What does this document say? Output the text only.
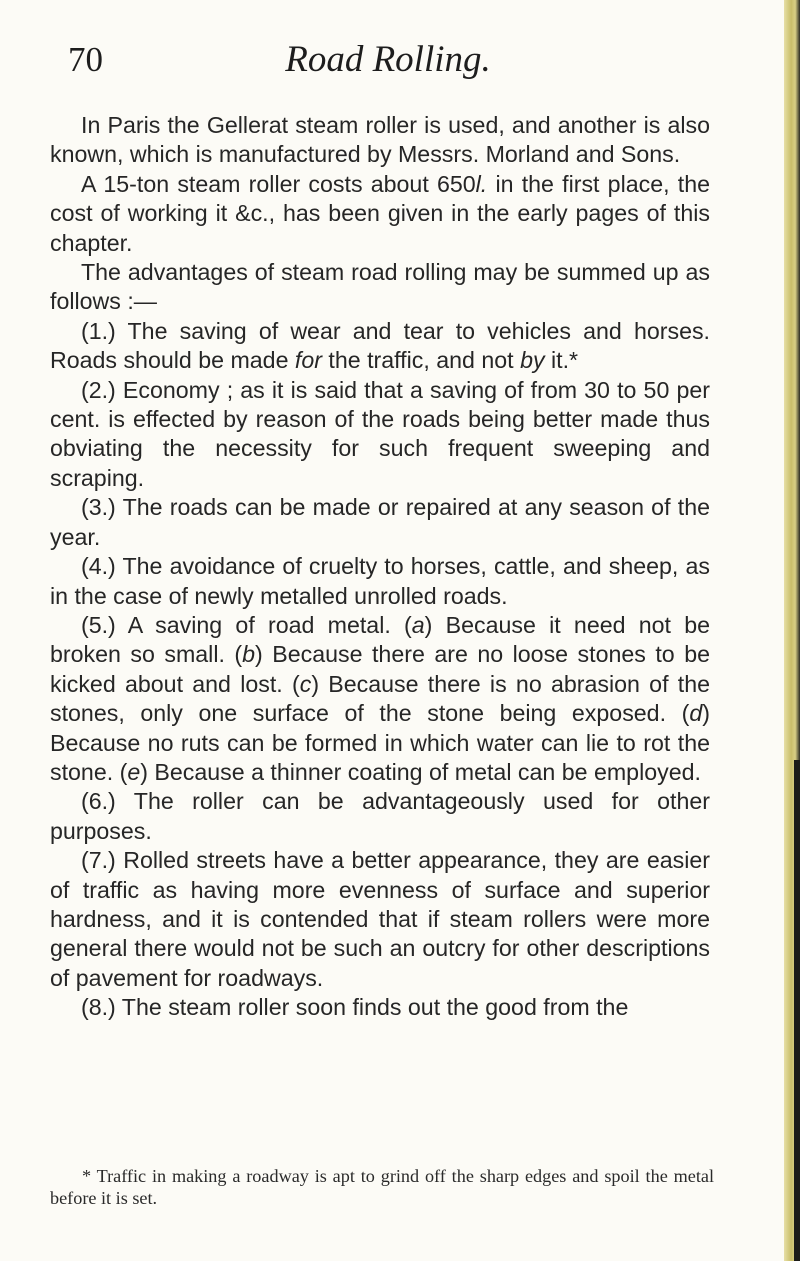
70	Road Rolling.

In Paris the Gellerat steam roller is used, and another is also known, which is manufactured by Messrs. Morland and Sons.

A 15-ton steam roller costs about 650l. in the first place, the cost of working it &c., has been given in the early pages of this chapter.

The advantages of steam road rolling may be summed up as follows :—

(1.) The saving of wear and tear to vehicles and horses. Roads should be made for the traffic, and not by it.*

(2.) Economy ; as it is said that a saving of from 30 to 50 per cent. is effected by reason of the roads being better made thus obviating the necessity for such frequent sweeping and scraping.

(3.) The roads can be made or repaired at any season of the year.

(4.) The avoidance of cruelty to horses, cattle, and sheep, as in the case of newly metalled unrolled roads.

(5.) A saving of road metal. (a) Because it need not be broken so small. (b) Because there are no loose stones to be kicked about and lost. (c) Because there is no abrasion of the stones, only one surface of the stone being exposed. (d) Because no ruts can be formed in which water can lie to rot the stone. (e) Because a thinner coating of metal can be employed.

(6.) The roller can be advantageously used for other purposes.

(7.) Rolled streets have a better appearance, they are easier of traffic as having more evenness of surface and superior hardness, and it is contended that if steam rollers were more general there would not be such an outcry for other descriptions of pavement for roadways.

(8.) The steam roller soon finds out the good from the

* Traffic in making a roadway is apt to grind off the sharp edges and spoil the metal before it is set.
